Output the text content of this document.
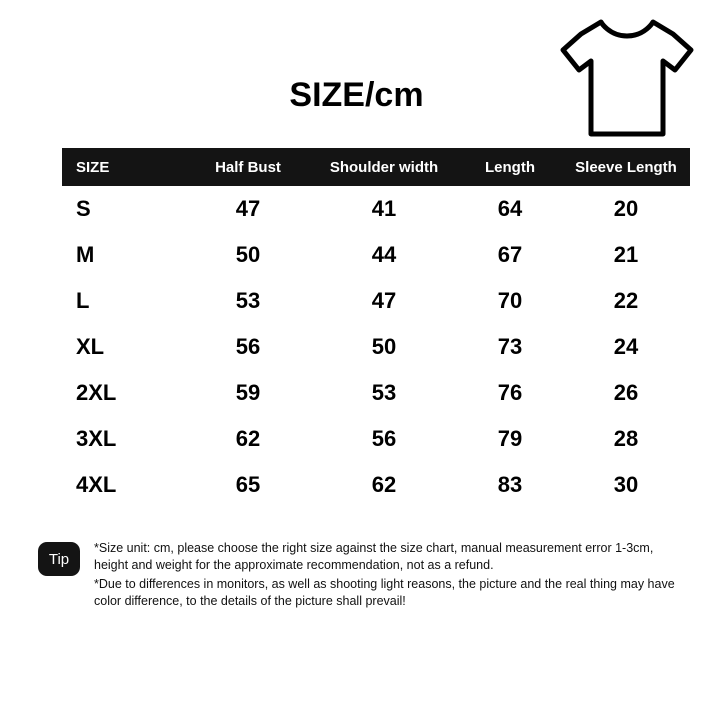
SIZE/cm
SIZE	Half Bust	Shoulder width	Length	Sleeve Length
S	47	41	64	20
M	50	44	67	21
L	53	47	70	22
XL	56	50	73	24
2XL	59	53	76	26
3XL	62	56	79	28
4XL	65	62	83	30
Tip

*Size unit: cm, please choose the right size against the size chart, manual measurement error 1-3cm, height and weight for the approximate recommendation, not as a refund.

*Due to differences in monitors, as well as shooting light reasons, the picture and the real thing may have color difference, to the details of the picture shall prevail!
